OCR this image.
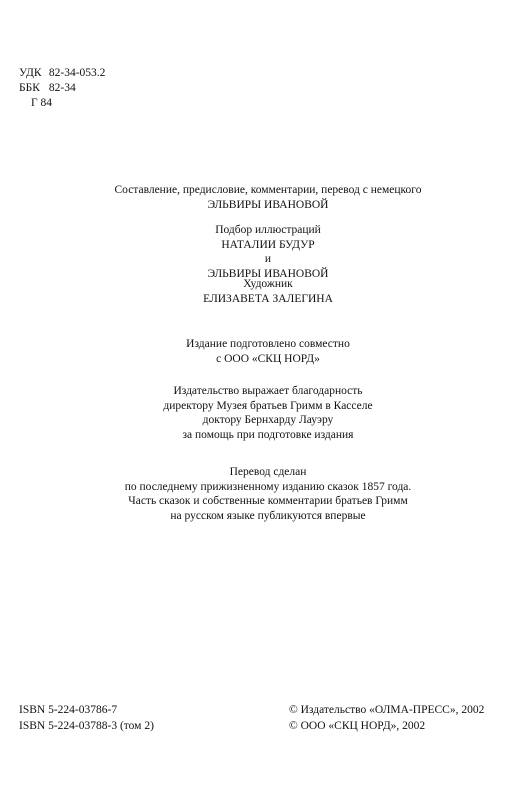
УДК 82-34-053.2
ББК 82-34
Г 84

Составление, предисловие, комментарии, перевод с немецкого

ЭЛЬВИРЫ ИВАНОВОЙ

Подбор иллюстраций

НАТАЛИИ БУДУР

и

ЭЛЬВИРЫ ИВАНОВОЙ

Художник

ЕЛИЗАВЕТА ЗАЛЕГИНА

Издание подготовлено совместно

с ООО «СКЦ НОРД»

Издательство выражает благодарность

директору Музея братьев Гримм в Касселе

доктору Бернхарду Лауэру

за помощь при подготовке издания

Перевод сделан

по последнему прижизненному изданию сказок 1857 года.

Часть сказок и собственные комментарии братьев Гримм

на русском языке публикуются впервые

ISBN 5-224-03786-7
ISBN 5-224-03788-3 (том 2)
© Издательство «ОЛМА-ПРЕСС», 2002
© ООО «СКЦ НОРД», 2002
